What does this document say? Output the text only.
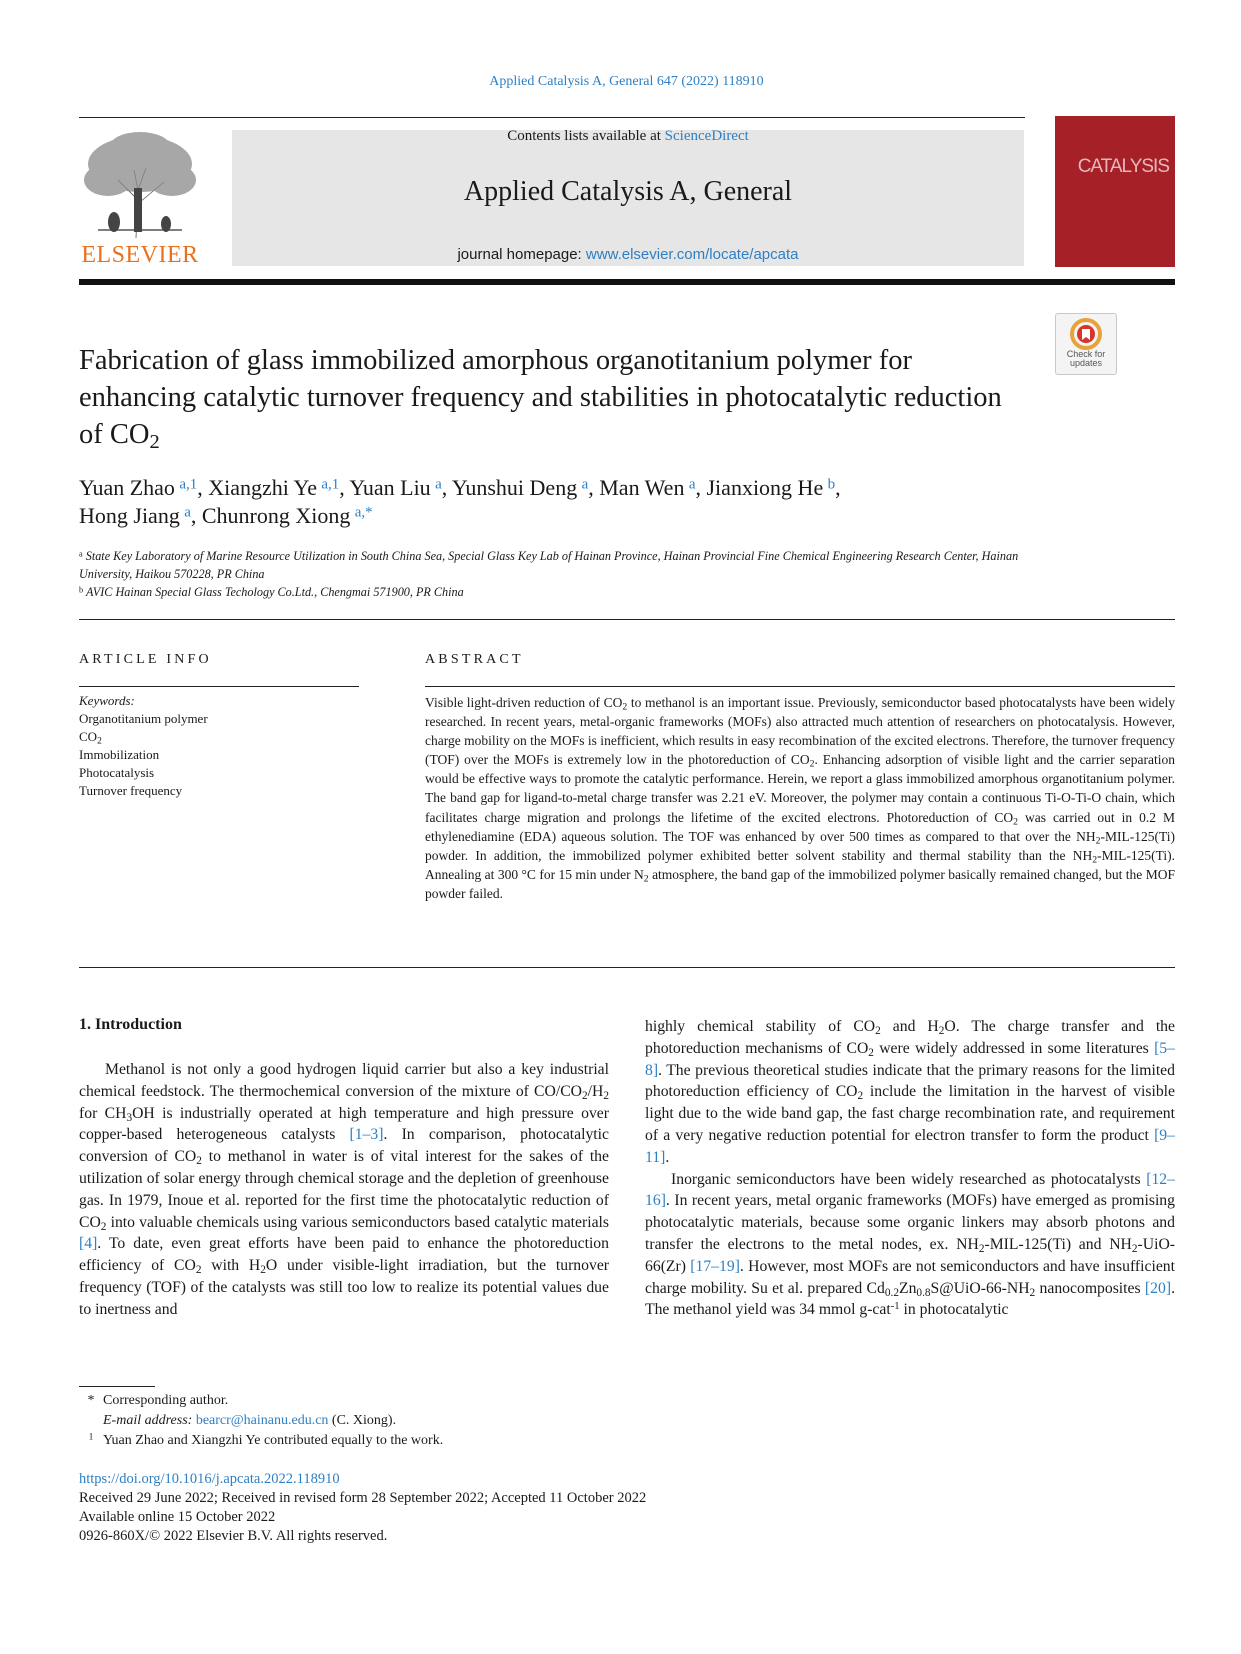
Applied Catalysis A, General 647 (2022) 118910
ELSEVIER
Contents lists available at ScienceDirect
Applied Catalysis A, General
journal homepage: www.elsevier.com/locate/apcata
CATALYSIS
Check for updates
Fabrication of glass immobilized amorphous organotitanium polymer for enhancing catalytic turnover frequency and stabilities in photocatalytic reduction of $CO_2$
Yuan Zhao  $^{a,1}$, Xiangzhi Ye  $^{a,1}$, Yuan Liu  $^a$, Yunshui Deng  $^a$, Man Wen  $^a$, Jianxiong He  $^b$,
Hong Jiang  $^a$, Chunrong Xiong  $^{a,*}$
$^a$ State Key Laboratory of Marine Resource Utilization in South China Sea, Special Glass Key Lab of Hainan Province, Hainan Provincial Fine Chemical Engineering Research Center, Hainan University, Haikou 570228, PR China
$^b$ AVIC Hainan Special Glass Techology Co.Ltd., Chengmai 571900, PR China
ARTICLE INFO	ABSTRACT
Keywords:
Organotitanium polymer
$CO_2$
Immobilization
Photocatalysis
Turnover frequency
Visible light-driven reduction of $CO_2$ to methanol is an important issue. Previously, semiconductor based photocatalysts have been widely researched. In recent years, metal-organic frameworks (MOFs) also attracted much attention of researchers on photocatalysis. However, charge mobility on the MOFs is inefficient, which results in easy recombination of the excited electrons. Therefore, the turnover frequency (TOF) over the MOFs is extremely low in the photoreduction of $CO_2$. Enhancing adsorption of visible light and the carrier separation would be effective ways to promote the catalytic performance. Herein, we report a glass immobilized amorphous organotitanium polymer. The band gap for ligand-to-metal charge transfer was 2.21 eV. Moreover, the polymer may contain a continuous Ti-O-Ti-O chain, which facilitates charge migration and prolongs the lifetime of the excited electrons. Photoreduction of $CO_2$ was carried out in 0.2 M ethylenediamine (EDA) aqueous solution. The TOF was enhanced by over 500 times as compared to that over the $NH_2-MIL-125(Ti)$ powder. In addition, the immobilized polymer exhibited better solvent stability and thermal stability than the $NH_2-MIL-125(Ti)$. Annealing at 300 °C for 15 min under $N_2$ atmosphere, the band gap of the immobilized polymer basically remained changed, but the MOF powder failed.
1. Introduction

Methanol is not only a good hydrogen liquid carrier but also a key industrial chemical feedstock. The thermochemical conversion of the mixture of $CO/CO_2/H_2$ for $CH_3OH$ is industrially operated at high temperature and high pressure over copper-based heterogeneous catalysts [1–3]. In comparison, photocatalytic conversion of $CO_2$ to methanol in water is of vital interest for the sakes of the utilization of solar energy through chemical storage and the depletion of greenhouse gas. In 1979, Inoue et al. reported for the first time the photocatalytic reduction of $CO_2$ into valuable chemicals using various semiconductors based catalytic materials [4]. To date, even great efforts have been paid to enhance the photoreduction efficiency of $CO_2$ with $H_2O$ under visible-light irradiation, but the turnover frequency (TOF) of the catalysts was still too low to realize its potential values due to inertness and

highly chemical stability of $CO_2$ and $H_2O$. The charge transfer and the photoreduction mechanisms of $CO_2$ were widely addressed in some literatures [5–8]. The previous theoretical studies indicate that the primary reasons for the limited photoreduction efficiency of $CO_2$ include the limitation in the harvest of visible light due to the wide band gap, the fast charge recombination rate, and requirement of a very negative reduction potential for electron transfer to form the product [9–11].

Inorganic semiconductors have been widely researched as photocatalysts [12–16]. In recent years, metal organic frameworks (MOFs) have emerged as promising photocatalytic materials, because some organic linkers may absorb photons and transfer the electrons to the metal nodes, ex. $NH_2-MIL-125(Ti)$ and $NH_2-UiO-66(Zr)$ [17–19]. However, most MOFs are not semiconductors and have insufficient charge mobility. Su et al. prepared $Cd_{0.2}Zn_{0.8}S@UiO-66-NH_2$ nanocomposites [20]. The methanol yield was 34 mmol g-cat$^{-1}$ in photocatalytic

* Corresponding author.
E-mail address: bearcr@hainanu.edu.cn (C. Xiong).
$^1$ Yuan Zhao and Xiangzhi Ye contributed equally to the work.
https://doi.org/10.1016/j.apcata.2022.118910
Received 29 June 2022; Received in revised form 28 September 2022; Accepted 11 October 2022
Available online 15 October 2022
0926-860X/© 2022 Elsevier B.V. All rights reserved.
